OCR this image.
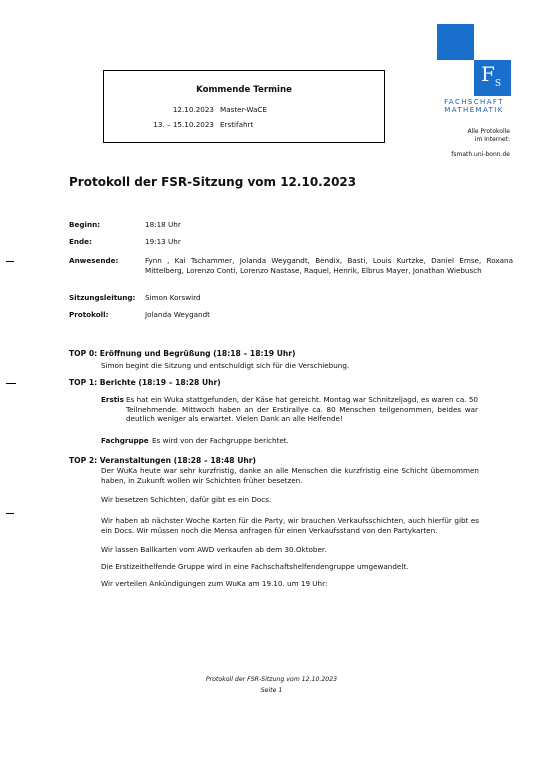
Kommende Termine
12.10.2023 Master-WaCE
13. – 15.10.2023 Erstifahrt
$F_S$
FACHSCHAFT
MATHEMATIK
Alle Protokolle
im Internet:
fsmath.uni-bonn.de
Protokoll der FSR-Sitzung vom 12.10.2023
Beginn:	18:18 Uhr
Ende:	19:13 Uhr
Anwesende:	Fynn , Kai Tschammer, Jolanda Weygandt, Bendix, Basti, Louis Kurtzke, Daniel Emse, Roxana Mittelberg, Lorenzo Conti, Lorenzo Nastase, Raquel, Henrik, Elbrus Mayer, Jonathan Wiebusch
Sitzungsleitung: Simon Korswird
Protokoll:	Jolanda Weygandt
TOP 0: Eröffnung und Begrüßung (18:18 – 18:19 Uhr)
Simon begint die Sitzung und entschuldigt sich für die Verschiebung.
TOP 1: Berichte (18:19 – 18:28 Uhr)
Erstis Es hat ein Wuka stattgefunden, der Käse hat gereicht. Montag war Schnitzeljagd, es waren ca. 50 Teilnehmende. Mittwoch haben an der Erstirallye ca. 80 Menschen teilgenommen, beides war deutlich weniger als erwartet. Vielen Dank an alle Helfende!
Fachgruppe Es wird von der Fachgruppe berichtet.
TOP 2: Veranstaltungen (18:28 – 18:48 Uhr)
Der WuKa heute war sehr kurzfristig, danke an alle Menschen die kurzfristig eine Schicht übernommen haben, in Zukunft wollen wir Schichten früher besetzen.
Wir besetzen Schichten, dafür gibt es ein Docs.
Wir haben ab nächster Woche Karten für die Party, wir brauchen Verkaufsschichten, auch hierfür gibt es ein Docs. Wir müssen noch die Mensa anfragen für einen Verkaufsstand von den Partykarten.
Wir lassen Ballkarten vom AWD verkaufen ab dem 30.Oktober.
Die Erstizeithelfende Gruppe wird in eine Fachschaftshelfendengruppe umgewandelt.
Wir verteilen Ankündigungen zum WuKa am 19.10. um 19 Uhr:
Protokoll der FSR-Sitzung vom 12.10.2023
Seite 1
